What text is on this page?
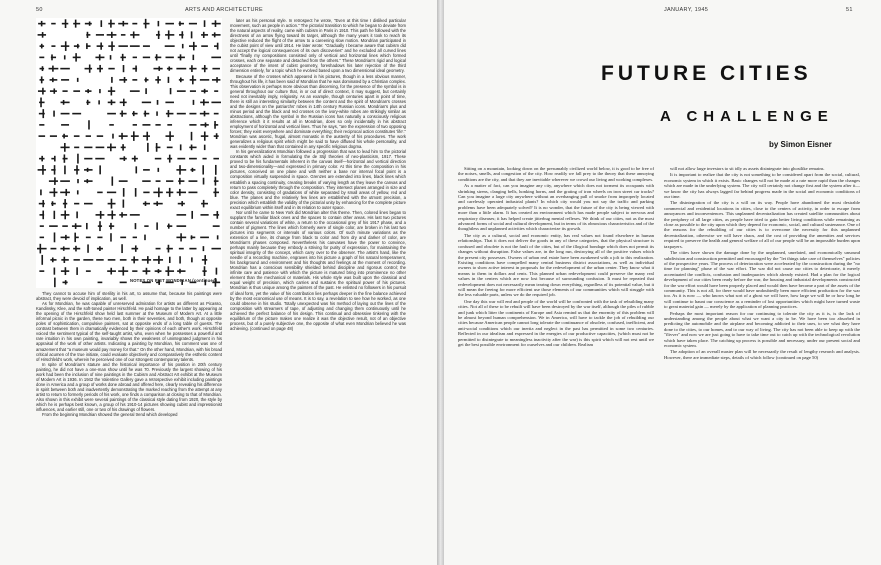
50	ARTS AND ARCHITECTURE
NOTES ON PIET MONDRIAN (continued)

later as his personal style. In retrospect he wrote, "Even at this time I disliked particular movement, such as people in action." The pictorial transition to which he began to deviate from the natural aspects of reality, came with cubism in Paris in 1910. This path he followed with the directness of an arrow flying toward its target, although the many years it took to reach its objective reduced the flight of the arrow to a careening slow motion. Mondrian participated in the cubist point of view until 1914. He later wrote: "Gradually I became aware that cubism did not accept the logical consequences of its own discoveries" and he excluded all curved lines until "finally my compositions consisted only of vertical and horizontal lines which formed crosses, each one separate and detached from the others." These Mondrian's rigid and logical acceptance of the intent of cubist geometry, foreshadows his later rejection of the third dimension entirely, for a topic which he evolved based upon a two dimensional ideal geometry.

Because of the crosses which appeared in his pictures, though in a less obvious manner, throughout his life, it has been said of Mondrian that he was dominated by a Christian complex. This observation is perhaps more obvious than discerning, for the presence of the symbol is in general throughout our culture that, in or out of direct context, it may suggest, but certainly need not inevitably imply, religiosity. As an example, though centuries apart in point of time, there is still an interesting similarity between the content and the spirit of Mondrian's crosses and the designs on the patriarchs' robes in 14th century Russian icons. Mondrian's plus and minus period and the black and red crosses on the ivory-white robes are strikingly similar as abstractions, although the symbol in the Russian icons has naturally a consciously religious inference which it it results at all in Mondrian, does so only incidentally in his abstract employment of horizontal and vertical lines. Thus he says, "are the expression of two opposing forces; they exist everywhere and dominate everything; their reciprocal action constitutes 'life'." Mondrian was ascetic, frugal, almost monastic in the austerity of his procedures. The work generalizes a religious spirit which might be said to have diffused his whole personality, and was evidently wider than that contained in any specific religious dogma.

In his generalizations Mondrian followed a progression that was to lead him to the pictorial constants which aided in formulating the de Stijl theories of neo-plasticism, 1917. These proved to be his fundamentals inherent in the canvas itself—horizontal and vertical direction and two-dimensionality—and expressed in primary color. At this time the composition in his pictures, conceived on one plane and with neither a base nor internal focal point is a composition virtually suspended in space. Grenzes are extended into lines, black lines which establish a spacing continuity, creating breaks of varying length as they leave the canvas and return to pass completely through the composition. They intersect planes arranged in size and color density, consisting of gradations of white separated by small areas of yellow, red and blue. The planes and the relatively few lines are established with the utmost precision, a precision which establish the validity of the pictorial unity by enhancing for the complete picture exact equilibrium within itself and in its relation to outer space.

Nor until he came to New York did Mondrian alter this theme. Then, colored lines began to supplant the familiar black ones and the spaces to contain other areas. His last two pictures contain several variations of white, a return to the occasional grey of his 1917 phase, and a number of pigment. The lines which formerly were of single color, are broken in his last two pictures into segments or intervals of various colors. Of such minute variations as the extension of a line, its change from black to color and from dry and darker of color, are Mondrian's phases composed. Nevertheless his canvases have the power to convince, perhaps mainly because they embody a striving for purity of expression, for maintaining the spiritual integrity of the concept, which carry over to the observer. The artist's hand, like the needle of a recording machine, engraves into his picture a graph of his natural temperament, his background and environment and his thoughts and feelings at the moment of recording. Mondrian has a conscious sensibility shielded behind discipline and rigorous control; the infinite care and patience with which the picture is matured bring into prominence no other element than the mechanical or materials. His whole style was built upon the classical and equal weight of precision, which carries and sustains the spiritual power of his pictures. Mondrian is thus unique among the painters of the past. He enlisted no followers in his pursuit of ideal form, yet the value of his contribution lies perhaps deeper in the fine balance achieved by the most economical use of means. It is to say, a revelation to see how he worked, as one could observe in his studio. Totally unexpected was his method of laying out the lines of the composition with streamers of tape, of adjusting and changing them continuously until he achieved the perfect balance of his design. This continual and obsessive tinkering with the equilibrium of the picture makes one realize it was the objective result, not of an objective process, but of a purely subjective one, the opposite of what even Mondrian believed he was achieving. (continued on page 48)

They cannot to accuse him of sterility in his art, to assume that, because his paintings were abstract, they were devoid of implication, as well.

As for Mondrian, he was capable of unreserved admiration for artists as different as Picasso, Kandinsky, Klee, and the soft-toned painter Hirschfeld. He paid homage to the latter by appearing at the opening of the Hirschfeld show held last summer at the Museum of Modern Art. At a little informal picnic in the garden, these two men, both in their seventies, and both, though at opposite poles of sophistication, compulsive painters, sat at opposite ends of a long table of guests. The contrast between them in dramatically evidenced by their opinions of each other's work. Hirschfeld voiced the sentiment typical of the self-taught artist, who, even when he possesses a powerful and rare intuition in his own painting, invariably shows the weakness of unintegrated judgment in his appraisal of the work of other artists. Indicating a painting by Mondrian, his comment was one of amazement that "a museum would pay money for that." On the other hand, Mondrian, with his broad critical acumen of the true initiate, could evaluate objectively and comparatively the esthetic content of Hirschfeld's work, wherein he perceived one of our strongest contemporary talents.

In spite of Mondrian's stature and the historical importance of his position in 20th century painting, he did not have a one-man show until he was 70. Previously the largest showing of his work had been the inclusion of nine paintings in the Cubism and Abstract Art exhibit at the Museum of Modern Art in 1936. In 1942 the Valentine Gallery gave a retrospective exhibit including paintings done in America and a group of works done abroad and offered here, clearly revealing his difference in spirit between both and inadvertently demonstrating the marked reaching from the attempt at any artist to return to formerly periods of his work, one finds a comparison at closing to that of Mondrian. Also shown in this exhibit were several paintings of the classical style dating from 1920, the style by which he is perhaps best known, a group of his 1910-14 pictures showing cubist and impressionist influences, and earlier still, one or two of his drawings of flowers.

From the beginning Mondrian showed the general trend which developed

JANUARY, 1945	51
FUTURE CITIES
A CHALLENGE
by Simon Eisner

Sitting on a mountain, looking down on the presumably civilized world below, it is good to be free of the noises, smells, and congestion of the city. How readily we fall prey to the theory that these annoying conditions are the city, and that they are inevitable wherever we crowd our living and working complexes.

As a matter of fact, can you imagine any city, anywhere which does not torment its occupants with shrinking sirens, clanging bells, honking horns, and the grating of iron wheels on iron street car tracks? Can you imagine a large city anywhere without an overhanging pall of smoke from improperly located and carelessly operated industrial plants? In which city would you not say the traffic and parking problems have been adequately solved? It is no wonder, that the future of the city is being viewed with more than a little alarm. It has created an environment which has made people subject to nervous and respiratory diseases; it has helped create jitterbug mental reflexes. We think of our cities, not as the most advanced forms of social and cultural development, but in terms of its obnoxious characteristics and of the thoughtless and unplanned activities which characterize its growth.

The city as a cultural, social and economic entity, has real values not found elsewhere in human relationships. That it does not deliver the goods in any of these categories, that the physical structure is confused and obsolete is not the fault of the cities, but of the illogical bondage which does not permit its changes without disruption. False values are, in the long run, destroying all of the positive values which the present city possesses. Owners of urban real estate have been awakened with a jolt to this realization. Existing conditions have compelled many central business district associations, as well as individual owners to show active interest in proposals for the redevelopment of the urban center. They know what it means to them in dollars and cents. This planned urban redevelopment could preserve the many real values in the centers which are now lost because of surrounding confusion. It must be repeated that redevelopment does not necessarily mean tearing down everything, regardless of its potential value, but it will mean the freeing for more efficient use those elements of our communities which will struggle with the less valuable parts, unless we do the required job.

One day this war will end and people of the world will be confronted with the task of rebuilding many cities. Not all of these to be rebuilt will have been destroyed by the war itself, although the piles of rubble and junk which litter the continents of Europe and Asia remind us that the enormity of this problem will be almost beyond human comprehension. We in America, will have to tackle the job of rebuilding our cities because American people cannot long tolerate the continuance of obsolete, confused, inefficient, and anti-social conditions which our inertia and neglect in the past has permitted in some two centuries. Reflected in our idealism and expressed in the energies of our productive capacities, (which must not be permitted to disintegrate to meaningless inactivity after the war) is this spirit which will not rest until we get the best possible environment for ourselves and our children. Realism

will not allow large investors to sit idly as assets disintegrate into ghostlike remains.

It is important to realize that the city is not something to be considered apart from the social, cultural, economic system in which it exists. Basic changes will not be made at a rate more rapid than the changes which are made in the underlying system. The city will certainly not change first and the system after it—we know the city has always lagged far behind progress made in the social and economic conditions of our time.

The disintegration of the city is a will on its way. People have abandoned the most desirable commercial and residential locations in cities, close to the centers of activity, in order to escape from annoyances and inconveniences. This unplanned decentralization has created satellite communities about the periphery of all large cities, as people have tried to gain better living conditions while remaining as close as possible to the city upon which they depend for economic, social, and cultural sustenance. One of the reasons for the rebuilding of our cities is to overcome the necessity for this unplanned decentralization, otherwise we will have chaos, and the cost of providing the amenities and services required to preserve the health and general welfare of all of our people will be an impossible burden upon taxpayers.

The cities have shown the damage done by the unplanned, unrelated, and economically unsound subdivision and construction permitted and encouraged by the "let things take care of themselves" policies of the prospective years. The process of deterioration were accelerated by the construction during the "no time for planning" phase of the war effort. The war did not cause our cities to deteriorate, it merely accentuated the conflicts, confusion and inadequacies which already existed. Had a plan for the logical development of our cities been ready before the war, the housing and industrial developments constructed for the war effort would have been properly placed and would then have become a part of the assets of the community. This is not all, for there would have undoubtedly been more efficient production for the war too. As it is now — who knows what sort of a ghost we will have, how large we will be or how long he will continue to haunt our conscience as a reminder of lost opportunities which might have turned waste to great material gain — merely by the application of planning practices.

Perhaps the most important reason for our continuing to tolerate the city as it is, is the lack of understanding among the people about what we want a city to be. We have been too absorbed in predicting the automobile and the airplane and becoming addicted to their uses, to see what they have done to the cities, to our homes, and to our way of living. The city has not been able to keep up with the "flivver" and now we are just going to have to take time out to catch up with the technological revolution which have taken place. The catching up process is possible and necessary, under our present social and economic system.

The adoption of an overall master plan will be necessarily the result of lengthy research and analysis. However, there are immediate steps, details of which follow (continued on page 50)
